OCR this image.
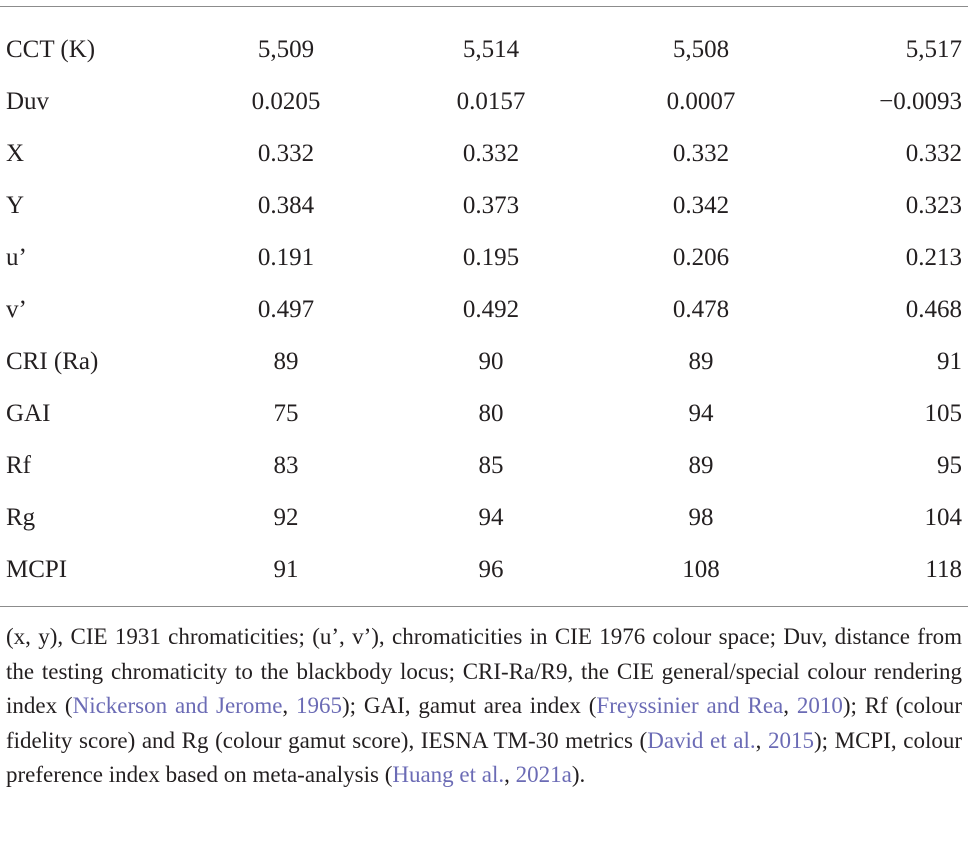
CCT (K)	5,509	5,514	5,508	5,517
Duv	0.0205	0.0157	0.0007	−0.0093
X	0.332	0.332	0.332	0.332
Y	0.384	0.373	0.342	0.323
u’	0.191	0.195	0.206	0.213
v’	0.497	0.492	0.478	0.468
CRI (Ra)	89	90	89	91
GAI	75	80	94	105
Rf	83	85	89	95
Rg	92	94	98	104
MCPI	91	96	108	118
(x, y), CIE 1931 chromaticities; (u’, v’), chromaticities in CIE 1976 colour space; Duv, distance from the testing chromaticity to the blackbody locus; CRI-Ra/R9, the CIE general/special colour rendering index (Nickerson and Jerome, 1965); GAI, gamut area index (Freyssinier and Rea, 2010); Rf (colour fidelity score) and Rg (colour gamut score), IESNA TM-30 metrics (David et al., 2015); MCPI, colour preference index based on meta-analysis (Huang et al., 2021a).
